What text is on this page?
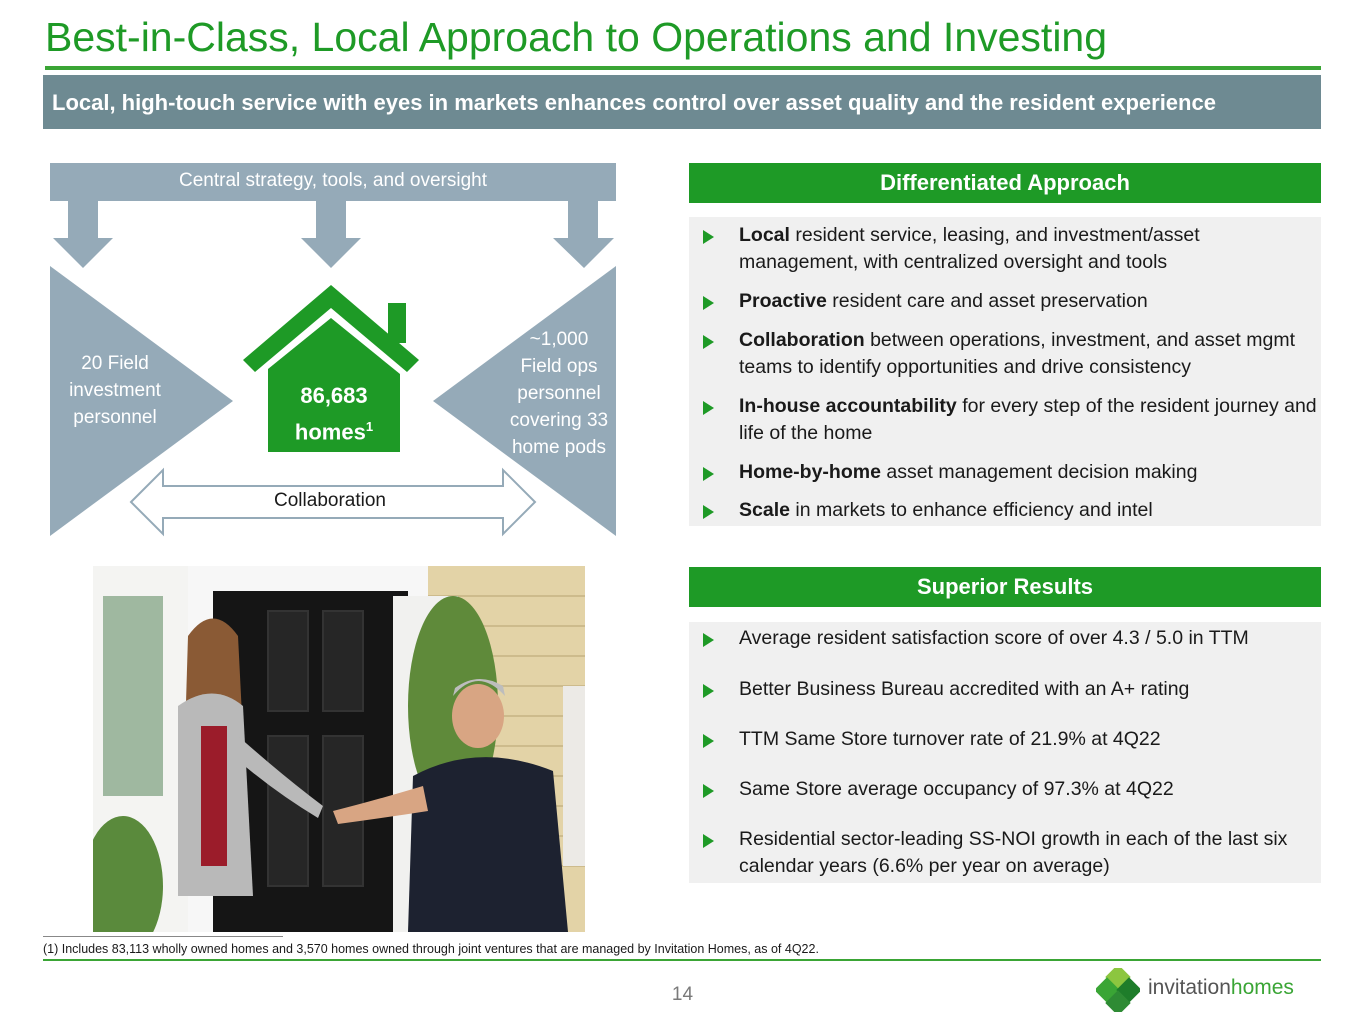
Best-in-Class, Local Approach to Operations and Investing
Local, high-touch service with eyes in markets enhances control over asset quality and the resident experience
Central strategy, tools, and oversight
20 Field
investment
personnel
~1,000
Field ops
personnel
covering 33
home pods
86,683
homes$^1$
Collaboration
Differentiated Approach
Local resident service, leasing, and investment/asset management, with centralized oversight and tools
Proactive resident care and asset preservation
Collaboration between operations, investment, and asset mgmt teams to identify opportunities and drive consistency
In-house accountability for every step of the resident journey and life of the home
Home-by-home asset management decision making
Scale in markets to enhance efficiency and intel
Superior Results
Average resident satisfaction score of over 4.3 / 5.0 in TTM
Better Business Bureau accredited with an A+ rating
TTM Same Store turnover rate of 21.9% at 4Q22
Same Store average occupancy of 97.3% at 4Q22
Residential sector-leading SS-NOI growth in each of the last six calendar years (6.6% per year on average)
(1) Includes 83,113 wholly owned homes and 3,570 homes owned through joint ventures that are managed by Invitation Homes, as of 4Q22.
14	invitationhomes
